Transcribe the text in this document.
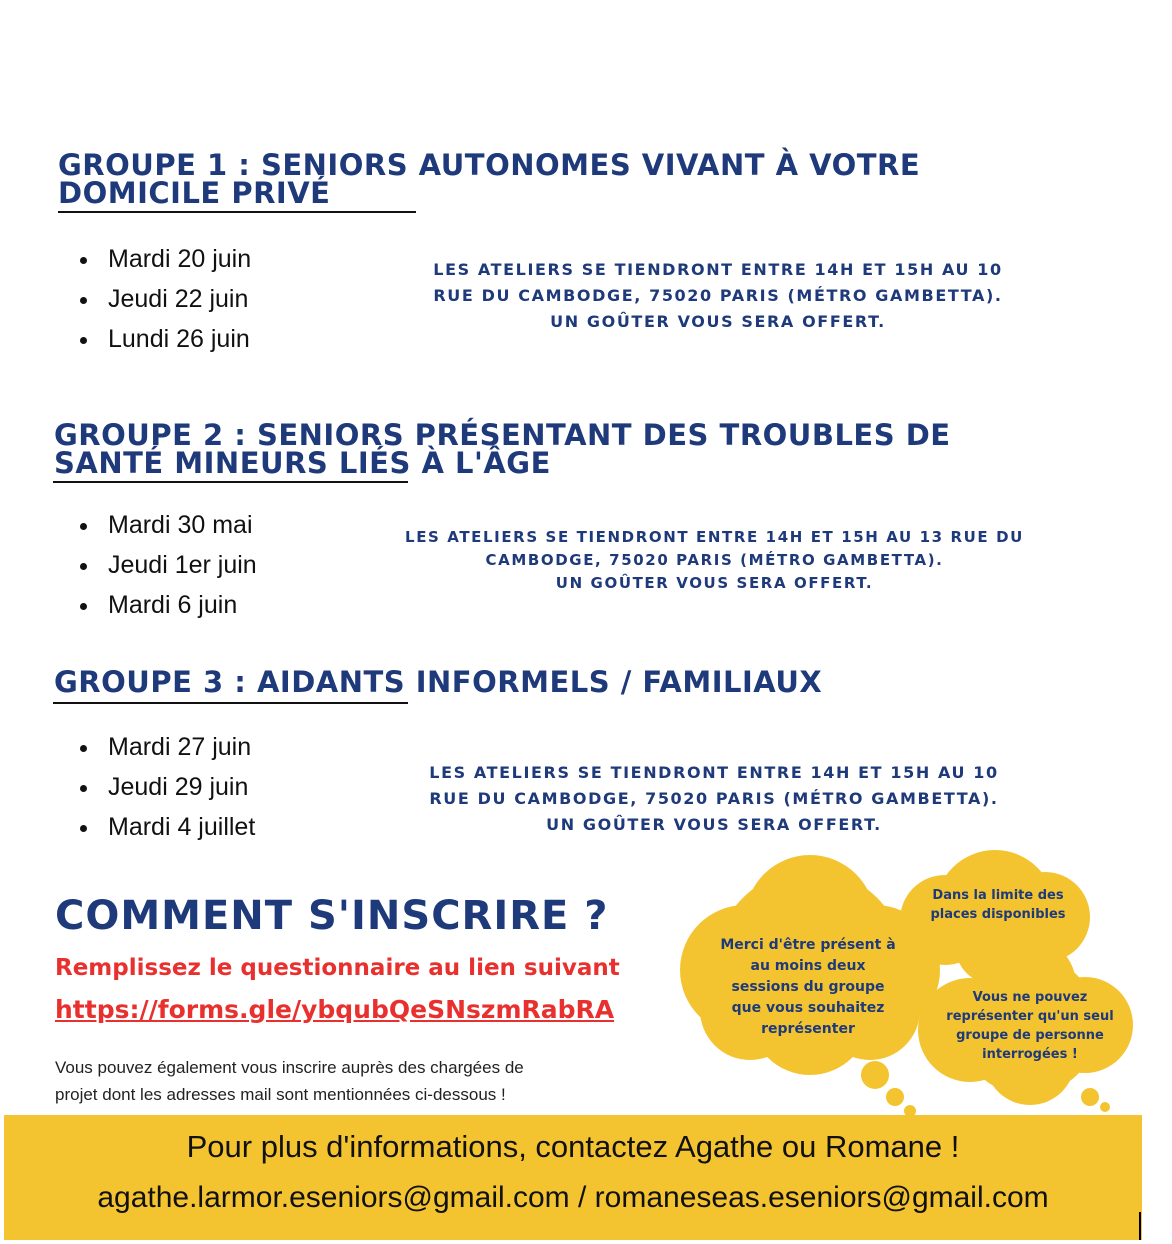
GROUPE 1 : SENIORS AUTONOMES VIVANT À VOTRE
DOMICILE PRIVÉ
Mardi 20 juin
Jeudi 22 juin
Lundi 26 juin
LES ATELIERS SE TIENDRONT ENTRE 14H ET 15H AU 10
RUE DU CAMBODGE, 75020 PARIS (MÉTRO GAMBETTA).
UN GOÛTER VOUS SERA OFFERT.
GROUPE 2 : SENIORS PRÉSENTANT DES TROUBLES DE
SANTÉ MINEURS LIÉS À L'ÂGE
Mardi 30 mai
Jeudi 1er juin
Mardi 6 juin
LES ATELIERS SE TIENDRONT ENTRE 14H ET 15H AU 13 RUE DU
CAMBODGE, 75020 PARIS (MÉTRO GAMBETTA).
UN GOÛTER VOUS SERA OFFERT.
GROUPE 3 : AIDANTS INFORMELS / FAMILIAUX
Mardi 27 juin
Jeudi 29 juin
Mardi 4 juillet
LES ATELIERS SE TIENDRONT ENTRE 14H ET 15H AU 10
RUE DU CAMBODGE, 75020 PARIS (MÉTRO GAMBETTA).
UN GOÛTER VOUS SERA OFFERT.
COMMENT S'INSCRIRE ?
Remplissez le questionnaire au lien suivant
https://forms.gle/ybqubQeSNszmRabRA
Vous pouvez également vous inscrire auprès des chargées de
projet dont les adresses mail sont mentionnées ci-dessous !
Merci d'être présent à
au moins deux
sessions du groupe
que vous souhaitez
représenter
Dans la limite des
places disponibles
Vous ne pouvez
représenter qu'un seul
groupe de personne
interrogées !
Pour plus d'informations, contactez Agathe ou Romane !
agathe.larmor.eseniors@gmail.com / romaneseas.eseniors@gmail.com
